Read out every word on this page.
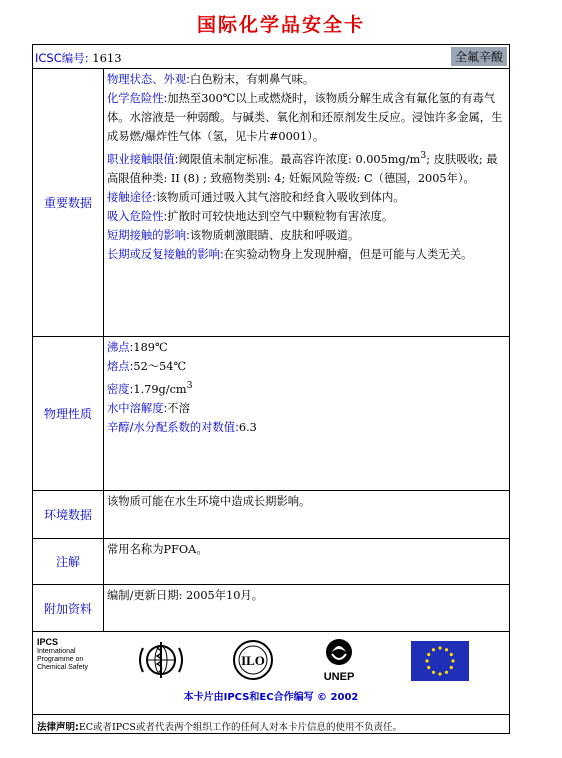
国际化学品安全卡
ICSC编号: 1613	全氟辛酸
重要数据
物理状态、外观:白色粉末，有刺鼻气味。
化学危险性:加热至300℃以上或燃烧时，该物质分解生成含有氟化氢的有毒气体。水溶液是一种弱酸。与碱类、氧化剂和还原剂发生反应。浸蚀许多金属，生成易燃/爆炸性气体（氢，见卡片#0001）。
职业接触限值:阈限值未制定标准。最高容许浓度: $0.005mg/m^3$; 皮肤吸收; 最高限值种类: II (8) ; 致癌物类别: 4; 妊娠风险等级: C（德国，2005年）。
接触途径:该物质可通过吸入其气溶胶和经食入吸收到体内。
吸入危险性:扩散时可较快地达到空气中颗粒物有害浓度。
短期接触的影响:该物质刺激眼睛、皮肤和呼吸道。
长期或反复接触的影响:在实验动物身上发现肿瘤，但是可能与人类无关。
物理性质
沸点:189℃
熔点:52～54℃
密度$:1.79g/cm^3$
水中溶解度:不溶
辛醇/水分配系数的对数值:6.3
环境数据
该物质可能在水生环境中造成长期影响。
注解
常用名称为PFOA。
附加资料
编制/更新日期: 2005年10月。
IPCS
International
Programme on
Chemical Safety	ILO
UNEP
本卡片由IPCS和EC合作编写 © 2002
法律声明:EC或者IPCS或者代表两个组织工作的任何人对本卡片信息的使用不负责任。
